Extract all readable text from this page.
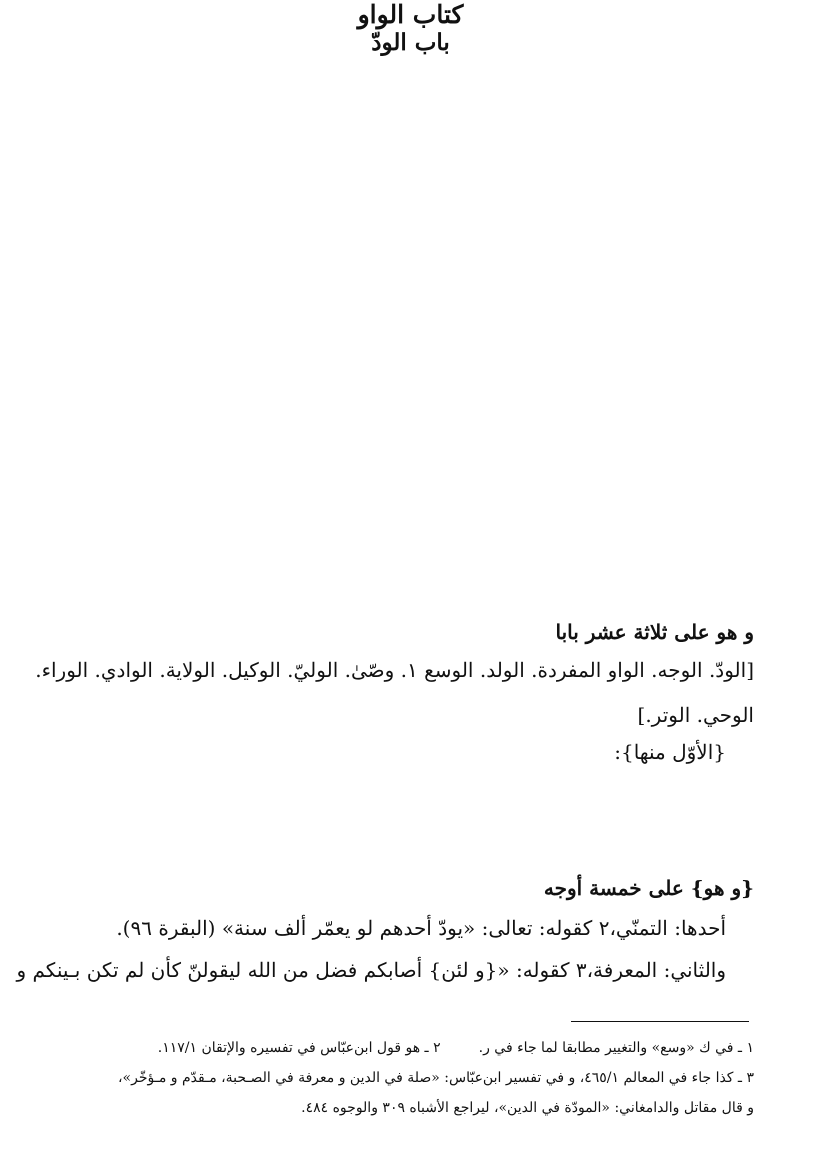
كتاب الواو
و هو على ثلاثة عشر بابا
[الودّ. الوجه. الواو المفردة. الولد. الوسع ١. وصّىٰ. الوليّ. الوكيل. الولاية. الوادي. الوراء.
الوحي. الوتر.]
{الأوّل منها}:
باب الودّ
{و هو} على خمسة أوجه
أحدها: التمنّي،٢ كقوله: تعالى: «يودّ أحدهم لو يعمّر ألف سنة» (البقرة ٩٦).
والثاني: المعرفة،٣ كقوله: «{و لئن} أصابكم فضل من الله ليقولنّ كأن لم تكن بـينكم و
١ ـ في ك «وسع» والتغيير مطابقا لما جاء في ر.
٢ ـ هو قول ابن‌عبّاس في تفسيره والإتقان ١١٧/١.
٣ ـ كذا جاء في المعالم ٤٦٥/١، و في تفسير ابن‌عبّاس: «صلة في الدين و معرفة في الصـحبة، مـقدّم و مـؤخّر»،
و قال مقاتل والدامغاني: «المودّة في الدين»، ليراجع الأشباه ٣٠٩ والوجوه ٤٨٤.
